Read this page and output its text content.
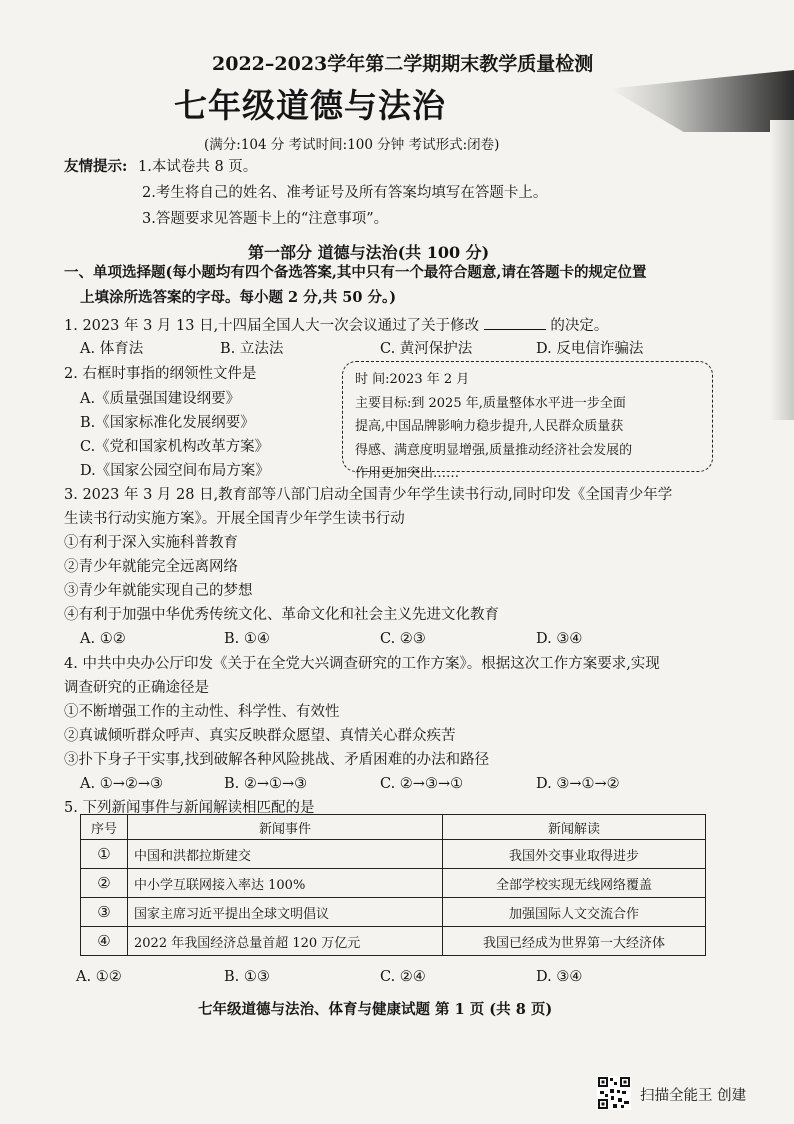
2022–2023学年第二学期期末教学质量检测
七年级道德与法治
(满分:104 分 考试时间:100 分钟 考试形式:闭卷)
友情提示: 1.本试卷共 8 页。
2.考生将自己的姓名、准考证号及所有答案均填写在答题卡上。
3.答题要求见答题卡上的“注意事项”。
第一部分 道德与法治(共 100 分)
一、单项选择题(每小题均有四个备选答案,其中只有一个最符合题意,请在答题卡的规定位置
上填涂所选答案的字母。每小题 2 分,共 50 分。)
1. 2023 年 3 月 13 日,十四届全国人大一次会议通过了关于修改	的决定。
A. 体育法	B. 立法法	C. 黄河保护法	D. 反电信诈骗法
2. 右框时事指的纲领性文件是
A.《质量强国建设纲要》
B.《国家标准化发展纲要》
C.《党和国家机构改革方案》
D.《国家公园空间布局方案》
时 间:2023 年 2 月
主要目标:到 2025 年,质量整体水平进一步全面
提高,中国品牌影响力稳步提升,人民群众质量获
得感、满意度明显增强,质量推动经济社会发展的
作用更加突出……
3. 2023 年 3 月 28 日,教育部等八部门启动全国青少年学生读书行动,同时印发《全国青少年学
生读书行动实施方案》。开展全国青少年学生读书行动
①有利于深入实施科普教育
②青少年就能完全远离网络
③青少年就能实现自己的梦想
④有利于加强中华优秀传统文化、革命文化和社会主义先进文化教育
A. ①②	B. ①④	C. ②③	D. ③④
4. 中共中央办公厅印发《关于在全党大兴调查研究的工作方案》。根据这次工作方案要求,实现
调查研究的正确途径是
①不断增强工作的主动性、科学性、有效性
②真诚倾听群众呼声、真实反映群众愿望、真情关心群众疾苦
③扑下身子干实事,找到破解各种风险挑战、矛盾困难的办法和路径
A. ①→②→③	B. ②→①→③	C. ②→③→①	D. ③→①→②
5. 下列新闻事件与新闻解读相匹配的是
序号	新闻事件	新闻解读
①	中国和洪都拉斯建交	我国外交事业取得进步
②	中小学互联网接入率达 100%	全部学校实现无线网络覆盖
③	国家主席习近平提出全球文明倡议	加强国际人文交流合作
④	2022 年我国经济总量首超 120 万亿元	我国已经成为世界第一大经济体
A. ①②	B. ①③	C. ②④	D. ③④
七年级道德与法治、体育与健康试题 第 1 页 (共 8 页)
扫描全能王 创建
